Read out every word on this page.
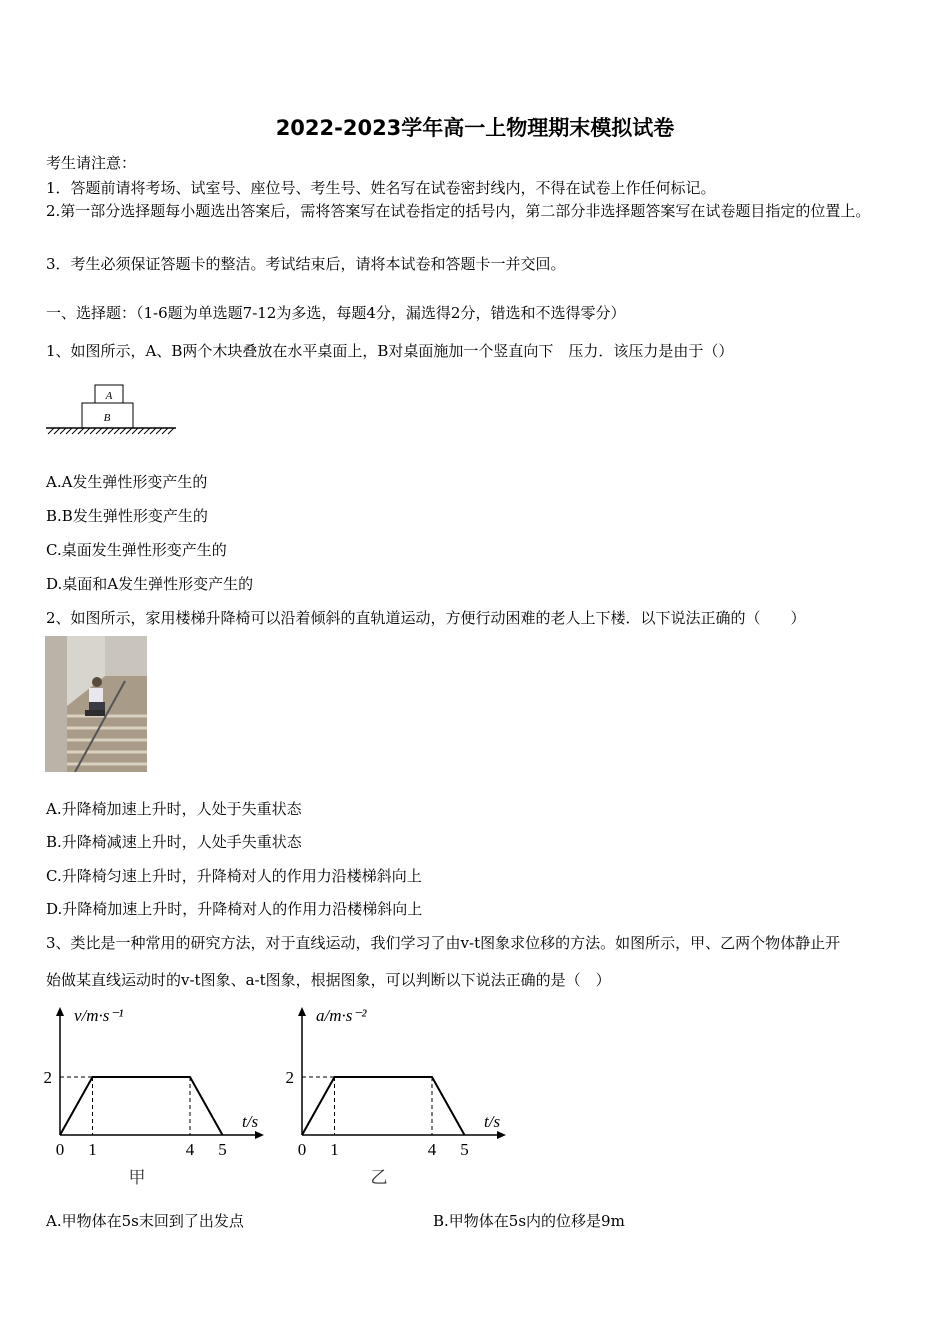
2022-2023学年高一上物理期末模拟试卷
考生请注意：
1．答题前请将考场、试室号、座位号、考生号、姓名写在试卷密封线内，不得在试卷上作任何标记。
2.第一部分选择题每小题选出答案后，需将答案写在试卷指定的括号内，第二部分非选择题答案写在试卷题目指定的位置上。
3．考生必须保证答题卡的整洁。考试结束后，请将本试卷和答题卡一并交回。
一、选择题：（1-6题为单选题7-12为多选，每题4分，漏选得2分，错选和不选得零分）
1、如图所示，A、B两个木块叠放在水平桌面上，B对桌面施加一个竖直向下　压力．该压力是由于（）
A
B
A.A发生弹性形变产生的
B.B发生弹性形变产生的
C.桌面发生弹性形变产生的
D.桌面和A发生弹性形变产生的
2、如图所示，家用楼梯升降椅可以沿着倾斜的直轨道运动，方便行动困难的老人上下楼．以下说法正确的（　　）
A.升降椅加速上升时，人处于失重状态
B.升降椅减速上升时，人处手失重状态
C.升降椅匀速上升时，升降椅对人的作用力沿楼梯斜向上
D.升降椅加速上升时，升降椅对人的作用力沿楼梯斜向上
3、类比是一种常用的研究方法，对于直线运动，我们学习了由v-t图象求位移的方法。如图所示，甲、乙两个物体静止开
始做某直线运动时的v-t图象、a-t图象，根据图象，可以判断以下说法正确的是（　）
v/m·s⁻¹
t/s
0 1	4 5
2
甲
a/m·s⁻²
t/s
0 1	4 5
2
乙
A.甲物体在5s末回到了出发点	B.甲物体在5s内的位移是9m
